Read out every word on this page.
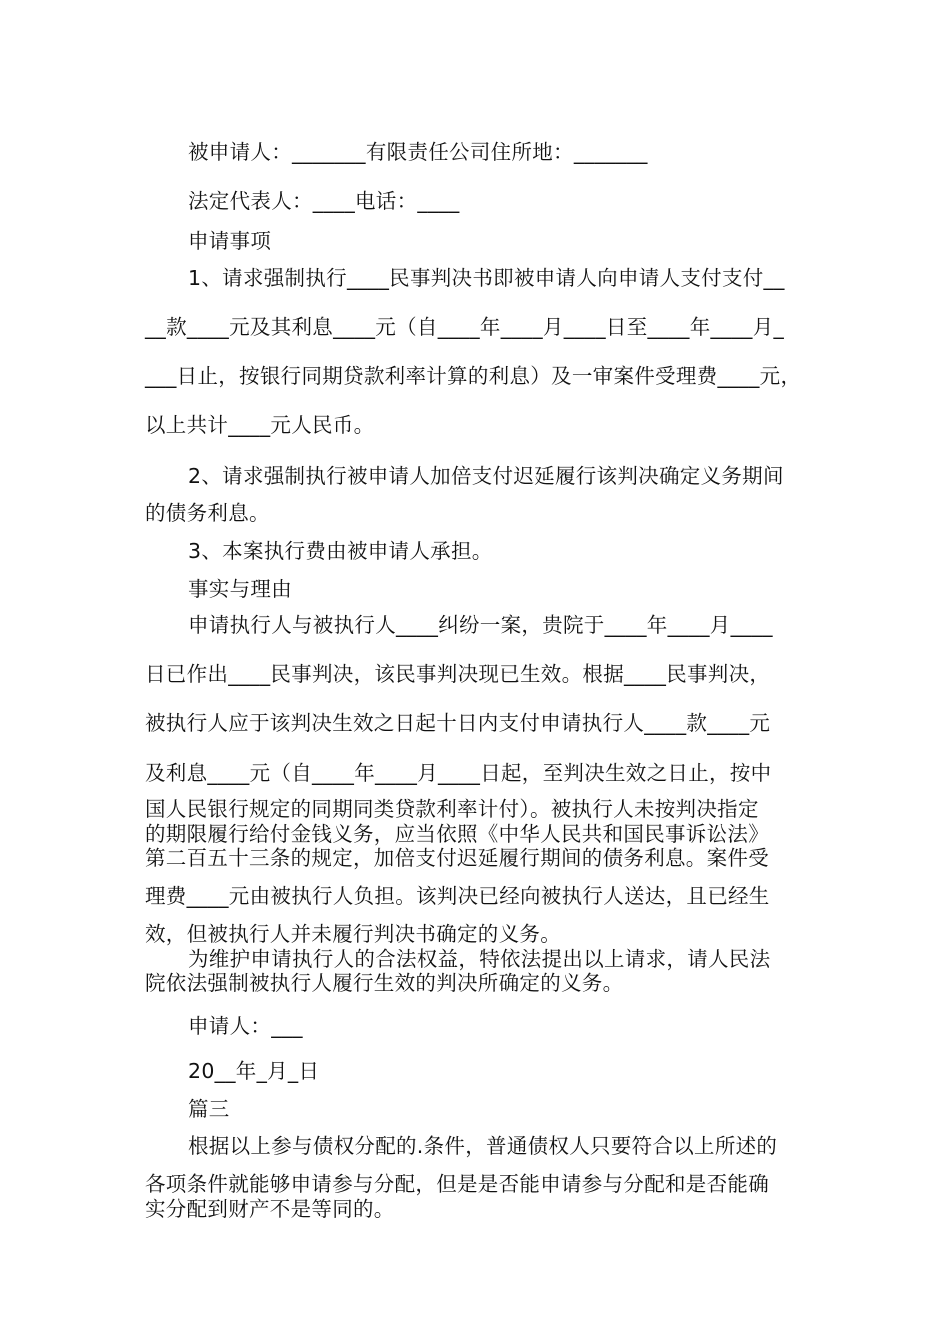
被申请人：_______有限责任公司住所地：_______
法定代表人：____电话：____
申请事项
1、请求强制执行____民事判决书即被申请人向申请人支付支付__
__款____元及其利息____元（自____年____月____日至____年____月_
___日止，按银行同期贷款利率计算的利息）及一审案件受理费____元，
以上共计____元人民币。
2、请求强制执行被申请人加倍支付迟延履行该判决确定义务期间
的债务利息。
3、本案执行费由被申请人承担。
事实与理由
申请执行人与被执行人____纠纷一案，贵院于____年____月____
日已作出____民事判决，该民事判决现已生效。根据____民事判决，
被执行人应于该判决生效之日起十日内支付申请执行人____款____元
及利息____元（自____年____月____日起，至判决生效之日止，按中
国人民银行规定的同期同类贷款利率计付）。被执行人未按判决指定
的期限履行给付金钱义务，应当依照《中华人民共和国民事诉讼法》
第二百五十三条的规定，加倍支付迟延履行期间的债务利息。案件受
理费____元由被执行人负担。该判决已经向被执行人送达，且已经生
效，但被执行人并未履行判决书确定的义务。
为维护申请执行人的合法权益，特依法提出以上请求，请人民法
院依法强制被执行人履行生效的判决所确定的义务。
申请人：___
20__年_月_日
篇三
根据以上参与债权分配的.条件，普通债权人只要符合以上所述的
各项条件就能够申请参与分配，但是是否能申请参与分配和是否能确
实分配到财产不是等同的。
